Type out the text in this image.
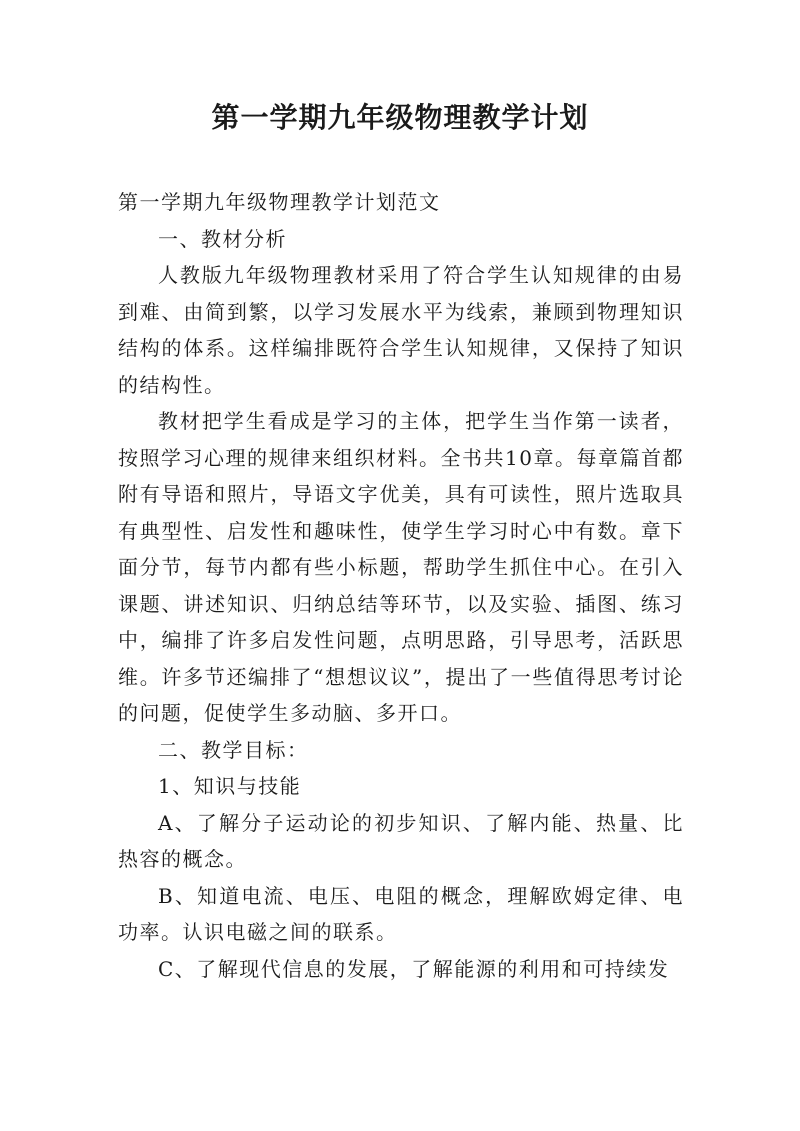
第一学期九年级物理教学计划

第一学期九年级物理教学计划范文

一、教材分析

人教版九年级物理教材采用了符合学生认知规律的由易到难、由简到繁，以学习发展水平为线索，兼顾到物理知识结构的体系。这样编排既符合学生认知规律，又保持了知识的结构性。

教材把学生看成是学习的主体，把学生当作第一读者，按照学习心理的规律来组织材料。全书共10章。每章篇首都附有导语和照片，导语文字优美，具有可读性，照片选取具有典型性、启发性和趣味性，使学生学习时心中有数。章下面分节，每节内都有些小标题，帮助学生抓住中心。在引入课题、讲述知识、归纳总结等环节，以及实验、插图、练习中，编排了许多启发性问题，点明思路，引导思考，活跃思维。许多节还编排了“想想议议”，提出了一些值得思考讨论的问题，促使学生多动脑、多开口。

二、教学目标：

1、知识与技能

A、了解分子运动论的初步知识、了解内能、热量、比热容的概念。

B、知道电流、电压、电阻的概念，理解欧姆定律、电功率。认识电磁之间的联系。

C、了解现代信息的发展，了解能源的利用和可持续发
